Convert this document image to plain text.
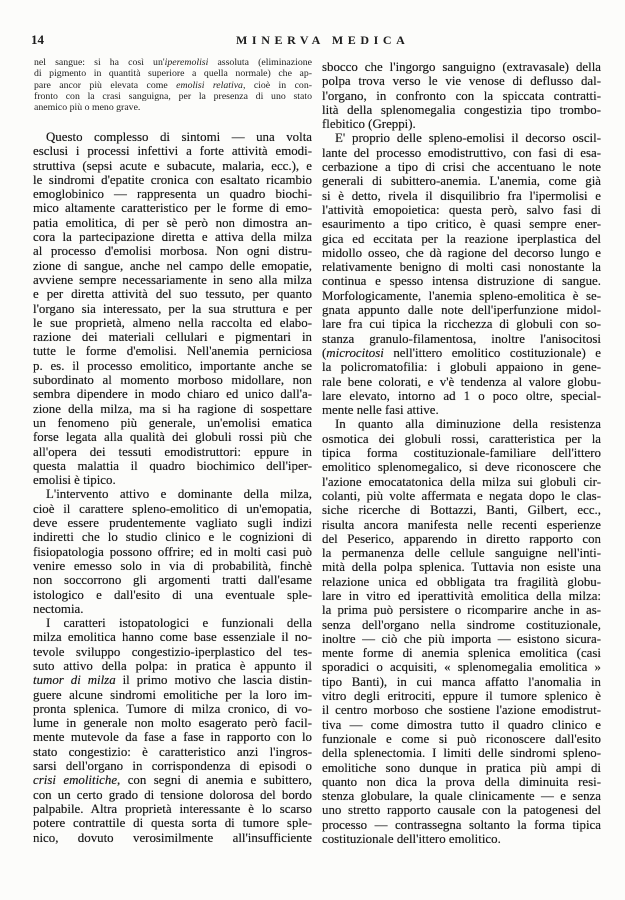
14	MINERVA MEDICA
nel sangue: si ha così un'iperemolisi assoluta (eliminazione
di pigmento in quantità superiore a quella normale) che ap-
pare ancor più elevata come emolisi relativa, cioè in con-
fronto con la crasi sanguigna, per la presenza di uno stato
anemico più o meno grave.
Questo complesso di sintomi — una volta
esclusi i processi infettivi a forte attività emodi-
struttiva (sepsi acute e subacute, malaria, ecc.), e
le sindromi d'epatite cronica con esaltato ricambio
emoglobinico — rappresenta un quadro biochi-
mico altamente caratteristico per le forme di emo-
patia emolitica, di per sè però non dimostra an-
cora la partecipazione diretta e attiva della milza
al processo d'emolisi morbosa. Non ogni distru-
zione di sangue, anche nel campo delle emopatie,
avviene sempre necessariamente in seno alla milza
e per diretta attività del suo tessuto, per quanto
l'organo sia interessato, per la sua struttura e per
le sue proprietà, almeno nella raccolta ed elabo-
razione dei materiali cellulari e pigmentari in
tutte le forme d'emolisi. Nell'anemia perniciosa
p. es. il processo emolitico, importante anche se
subordinato al momento morboso midollare, non
sembra dipendere in modo chiaro ed unico dall'a-
zione della milza, ma si ha ragione di sospettare
un fenomeno più generale, un'emolisi ematica
forse legata alla qualità dei globuli rossi più che
all'opera dei tessuti emodistruttori: eppure in
questa malattia il quadro biochimico dell'iper-
emolisi è tipico.
L'intervento attivo e dominante della milza,
cioè il carattere spleno-emolitico di un'emopatia,
deve essere prudentemente vagliato sugli indizi
indiretti che lo studio clinico e le cognizioni di
fisiopatologia possono offrire; ed in molti casi può
venire emesso solo in via di probabilità, finchè
non soccorrono gli argomenti tratti dall'esame
istologico e dall'esito di una eventuale sple-
nectomia.
I caratteri istopatologici e funzionali della
milza emolitica hanno come base essenziale il no-
tevole sviluppo congestizio-iperplastico del tes-
suto attivo della polpa: in pratica è appunto il
tumor di milza il primo motivo che lascia distin-
guere alcune sindromi emolitiche per la loro im-
pronta splenica. Tumore di milza cronico, di vo-
lume in generale non molto esagerato però facil-
mente mutevole da fase a fase in rapporto con lo
stato congestizio: è caratteristico anzi l'ingros-
sarsi dell'organo in corrispondenza di episodi o
crisi emolitiche, con segni di anemia e subittero,
con un certo grado di tensione dolorosa del bordo
palpabile. Altra proprietà interessante è lo scarso
potere contrattile di questa sorta di tumore sple-
nico, dovuto verosimilmente all'insufficiente
sbocco che l'ingorgo sanguigno (extravasale) della
polpa trova verso le vie venose di deflusso dal-
l'organo, in confronto con la spiccata contratti-
lità della splenomegalia congestizia tipo trombo-
flebitico (Greppi).
E' proprio delle spleno-emolisi il decorso oscil-
lante del processo emodistruttivo, con fasi di esa-
cerbazione a tipo di crisi che accentuano le note
generali di subittero-anemia. L'anemia, come già
si è detto, rivela il disquilibrio fra l'ipermolisi e
l'attività emopoietica: questa però, salvo fasi di
esaurimento a tipo critico, è quasi sempre ener-
gica ed eccitata per la reazione iperplastica del
midollo osseo, che dà ragione del decorso lungo e
relativamente benigno di molti casi nonostante la
continua e spesso intensa distruzione di sangue.
Morfologicamente, l'anemia spleno-emolitica è se-
gnata appunto dalle note dell'iperfunzione midol-
lare fra cui tipica la ricchezza di globuli con so-
stanza granulo-filamentosa, inoltre l'anisocitosi
(microcitosi nell'ittero emolitico costituzionale) e
la policromatofilia: i globuli appaiono in gene-
rale bene colorati, e v'è tendenza al valore globu-
lare elevato, intorno ad 1 o poco oltre, special-
mente nelle fasi attive.
In quanto alla diminuzione della resistenza
osmotica dei globuli rossi, caratteristica per la
tipica forma costituzionale-familiare dell'ittero
emolitico splenomegalico, si deve riconoscere che
l'azione emocatatonica della milza sui globuli cir-
colanti, più volte affermata e negata dopo le clas-
siche ricerche di Bottazzi, Banti, Gilbert, ecc.,
risulta ancora manifesta nelle recenti esperienze
del Peserico, apparendo in diretto rapporto con
la permanenza delle cellule sanguigne nell'inti-
mità della polpa splenica. Tuttavia non esiste una
relazione unica ed obbligata tra fragilità globu-
lare in vitro ed iperattività emolitica della milza:
la prima può persistere o ricomparire anche in as-
senza dell'organo nella sindrome costituzionale,
inoltre — ciò che più importa — esistono sicura-
mente forme di anemia splenica emolitica (casi
sporadici o acquisiti, « splenomegalia emolitica »
tipo Banti), in cui manca affatto l'anomalia in
vitro degli eritrociti, eppure il tumore splenico è
il centro morboso che sostiene l'azione emodistrut-
tiva — come dimostra tutto il quadro clinico e
funzionale e come si può riconoscere dall'esito
della splenectomia. I limiti delle sindromi spleno-
emolitiche sono dunque in pratica più ampi di
quanto non dica la prova della diminuita resi-
stenza globulare, la quale clinicamente — e senza
uno stretto rapporto causale con la patogenesi del
processo — contrassegna soltanto la forma tipica
costituzionale dell'ittero emolitico.
